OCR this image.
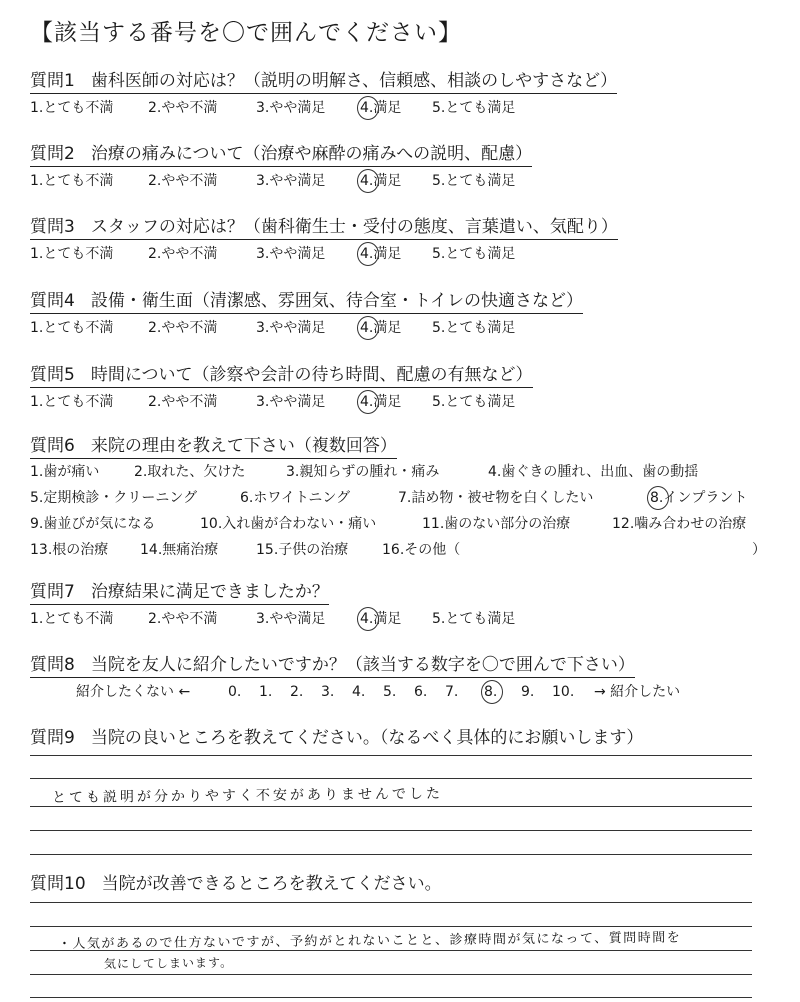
【該当する番号を〇で囲んでください】
質問1 歯科医師の対応は？（説明の明解さ、信頼感、相談のしやすさなど）
1.とても不満 2.やや不満	3.やや満足 4.満足 5.とても満足
質問2 治療の痛みについて（治療や麻酔の痛みへの説明、配慮）
1.とても不満 2.やや不満	3.やや満足 4.満足 5.とても満足
質問3 スタッフの対応は？（歯科衛生士・受付の態度、言葉遣い、気配り）
1.とても不満 2.やや不満	3.やや満足 4.満足 5.とても満足
質問4 設備・衛生面（清潔感、雰囲気、待合室・トイレの快適さなど）
1.とても不満 2.やや不満	3.やや満足 4.満足 5.とても満足
質問5 時間について（診察や会計の待ち時間、配慮の有無など）
1.とても不満 2.やや不満	3.やや満足 4.満足 5.とても満足
質問6 来院の理由を教えて下さい（複数回答）
1.歯が痛い 2.取れた、欠けた	3.親知らずの腫れ・痛み	4.歯ぐきの腫れ、出血、歯の動揺
5.定期検診・クリーニング	6.ホワイトニング	7.詰め物・被せ物を白くしたい	8.インプラント
9.歯並びが気になる	10.入れ歯が合わない・痛い	11.歯のない部分の治療	12.噛み合わせの治療
13.根の治療 14.無痛治療	15.子供の治療 16.その他（	）
質問7 治療結果に満足できましたか？
1.とても不満 2.やや不満	3.やや満足 4.満足 5.とても満足
質問8 当院を友人に紹介したいですか？（該当する数字を〇で囲んで下さい）
紹介したくない ←	0. 1. 2. 3. 4. 5. 6. 7. 8. 9. 10. → 紹介したい
質問9 当院の良いところを教えてください。（なるべく具体的にお願いします）
とても説明が分かりやすく不安がありませんでした
質問10 当院が改善できるところを教えてください。
・人気があるので仕方ないですが、予約がとれないことと、診療時間が気になって、質問時間を
気にしてしまいます。
